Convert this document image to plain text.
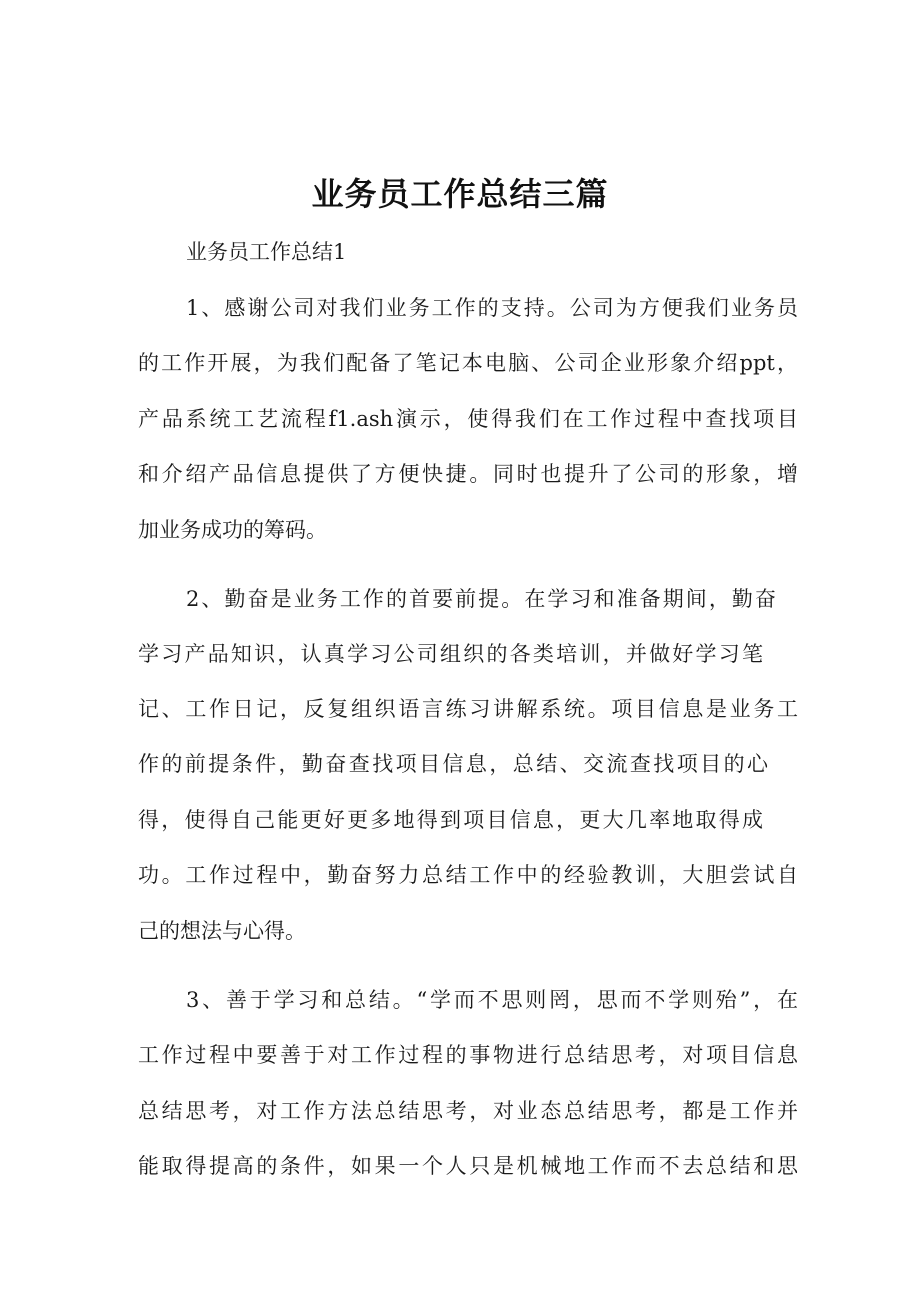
业务员工作总结三篇
业务员工作总结1
1、感谢公司对我们业务工作的支持。公司为方便我们业务员
的工作开展，为我们配备了笔记本电脑、公司企业形象介绍ppt，
产品系统工艺流程f1.ash演示，使得我们在工作过程中查找项目
和介绍产品信息提供了方便快捷。同时也提升了公司的形象，增
加业务成功的筹码。
2、勤奋是业务工作的首要前提。在学习和准备期间，勤奋
学习产品知识，认真学习公司组织的各类培训，并做好学习笔
记、工作日记，反复组织语言练习讲解系统。项目信息是业务工
作的前提条件，勤奋查找项目信息，总结、交流查找项目的心
得，使得自己能更好更多地得到项目信息，更大几率地取得成
功。工作过程中，勤奋努力总结工作中的经验教训，大胆尝试自
己的想法与心得。
3、善于学习和总结。“学而不思则罔，思而不学则殆”，在
工作过程中要善于对工作过程的事物进行总结思考，对项目信息
总结思考，对工作方法总结思考，对业态总结思考，都是工作并
能取得提高的条件，如果一个人只是机械地工作而不去总结和思
